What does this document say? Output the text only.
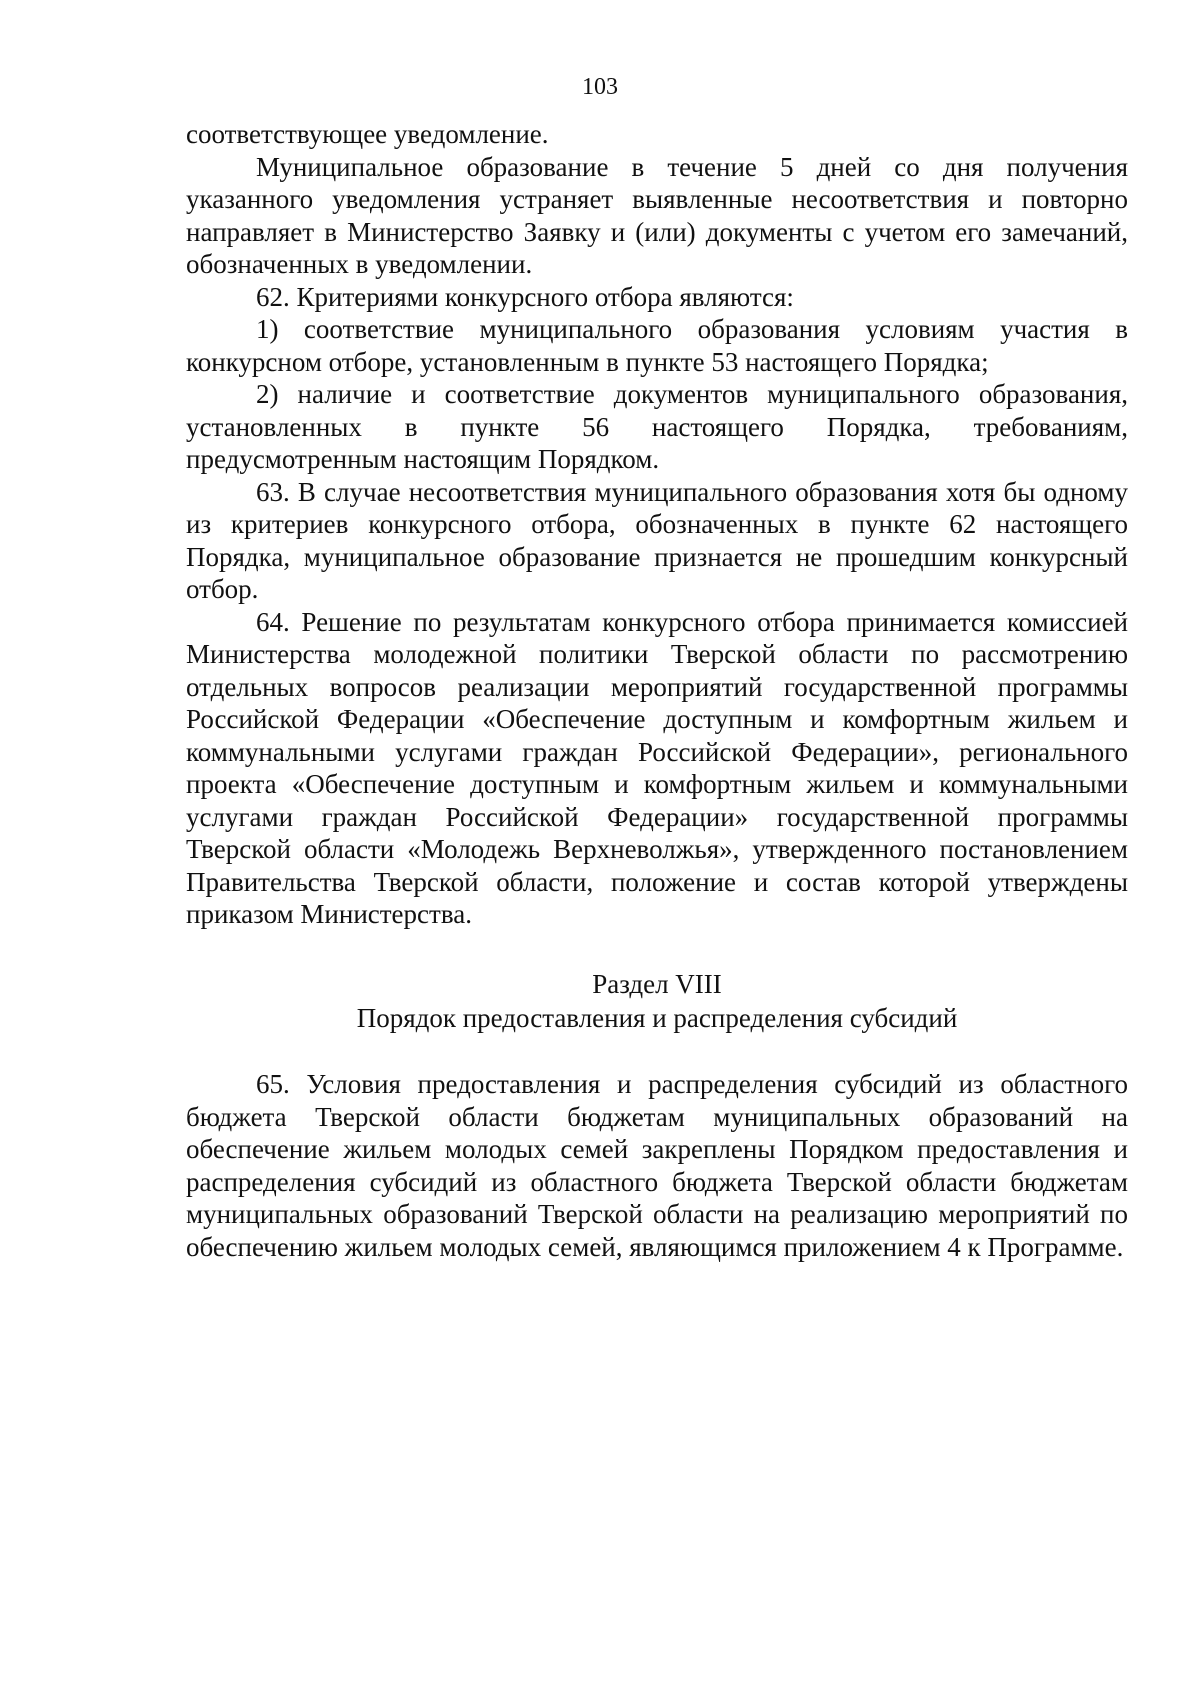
103

соответствующее уведомление.

Муниципальное образование в течение 5 дней со дня получения указанного уведомления устраняет выявленные несоответствия и повторно направляет в Министерство Заявку и (или) документы с учетом его замечаний, обозначенных в уведомлении.

62. Критериями конкурсного отбора являются:

1) соответствие муниципального образования условиям участия в конкурсном отборе, установленным в пункте 53 настоящего Порядка;

2) наличие и соответствие документов муниципального образования, установленных в пункте 56 настоящего Порядка, требованиям, предусмотренным настоящим Порядком.

63. В случае несоответствия муниципального образования хотя бы одному из критериев конкурсного отбора, обозначенных в пункте 62 настоящего Порядка, муниципальное образование признается не прошедшим конкурсный отбор.

64. Решение по результатам конкурсного отбора принимается комиссией Министерства молодежной политики Тверской области по рассмотрению отдельных вопросов реализации мероприятий государственной программы Российской Федерации «Обеспечение доступным и комфортным жильем и коммунальными услугами граждан Российской Федерации», регионального проекта «Обеспечение доступным и комфортным жильем и коммунальными услугами граждан Российской Федерации» государственной программы Тверской области «Молодежь Верхневолжья», утвержденного постановлением Правительства Тверской области, положение и состав которой утверждены приказом Министерства.

Раздел VIII

Порядок предоставления и распределения субсидий

65. Условия предоставления и распределения субсидий из областного бюджета Тверской области бюджетам муниципальных образований на обеспечение жильем молодых семей закреплены Порядком предоставления и распределения субсидий из областного бюджета Тверской области бюджетам муниципальных образований Тверской области на реализацию мероприятий по обеспечению жильем молодых семей, являющимся приложением 4 к Программе.
